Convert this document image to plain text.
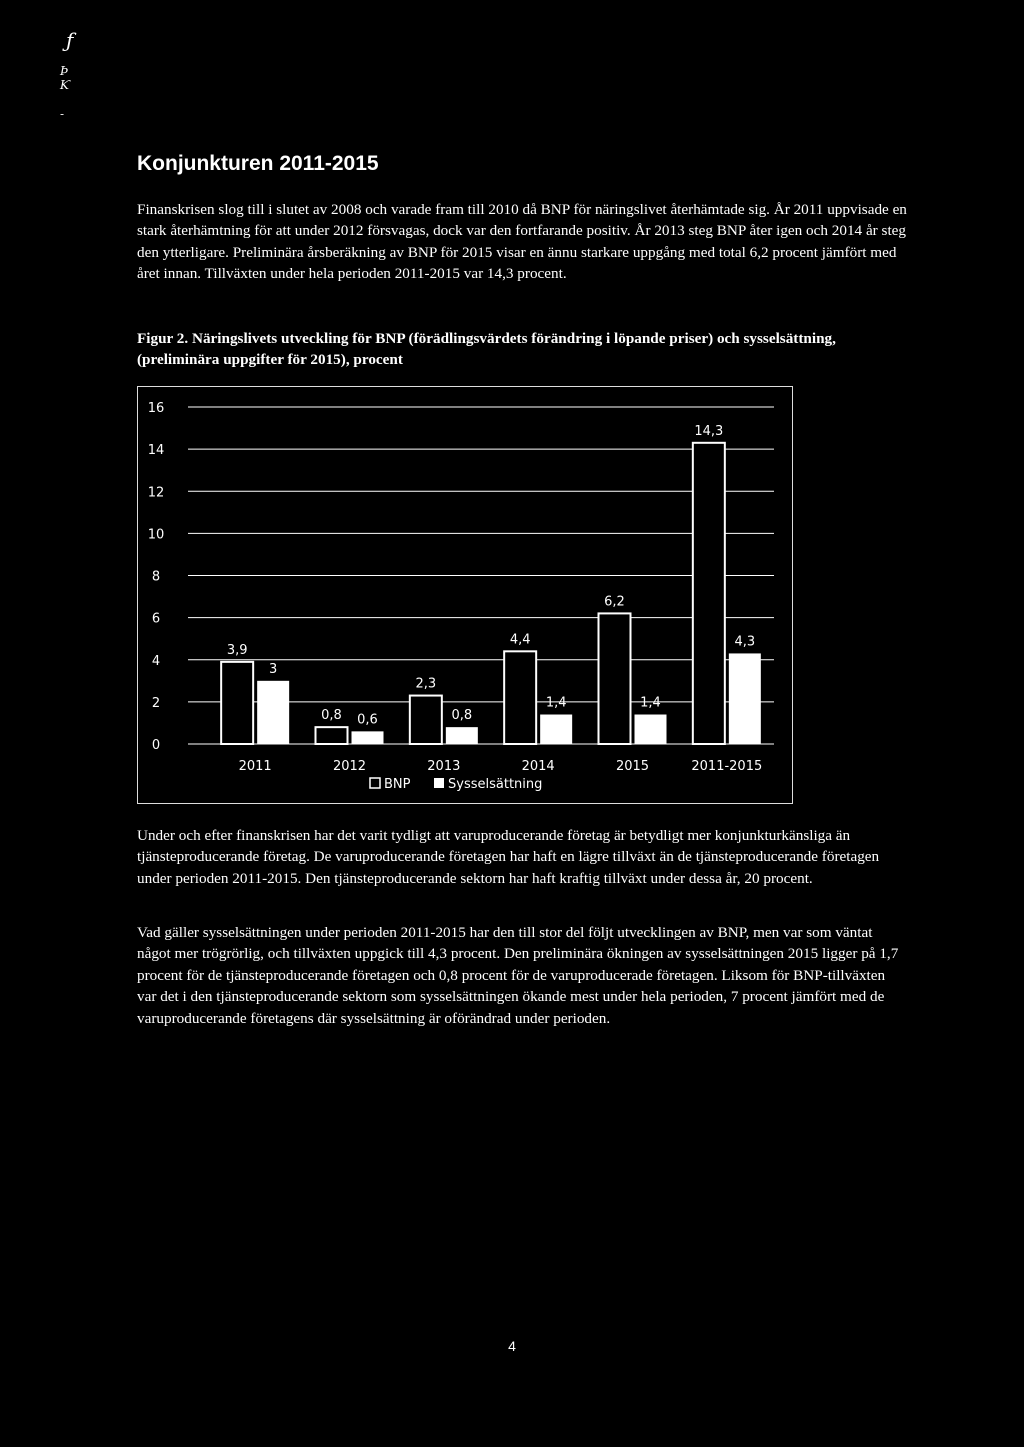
ƒ
Þ
Ƙ
-
Konjunkturen 2011-2015

Finanskrisen slog till i slutet av 2008 och varade fram till 2010 då BNP för näringslivet återhämtade sig. År 2011 uppvisade en stark återhämtning för att under 2012 försvagas, dock var den fortfarande positiv. År 2013 steg BNP åter igen och 2014 år steg den ytterligare. Preliminära årsberäkning av BNP för 2015 visar en ännu starkare uppgång med total 6,2 procent jämfört med året innan. Tillväxten under hela perioden 2011-2015 var 14,3 procent.

Figur 2. Näringslivets utveckling för BNP (förädlingsvärdets förändring i löpande priser) och sysselsättning, (preliminära uppgifter för 2015), procent

0
2
4
6
8
10
12
14
16
3,9
3
2011
0,8 0,6
2012
2,3
0,8
2013
4,4
1,4
2014
6,2
1,4
2015
14,3
4,3
2011-2015
BNP	Sysselsättning

Under och efter finanskrisen har det varit tydligt att varuproducerande företag är betydligt mer konjunkturkänsliga än tjänsteproducerande företag. De varuproducerande företagen har haft en lägre tillväxt än de tjänsteproducerande företagen under perioden 2011-2015. Den tjänsteproducerande sektorn har haft kraftig tillväxt under dessa år, 20 procent.

Vad gäller sysselsättningen under perioden 2011-2015 har den till stor del följt utvecklingen av BNP, men var som väntat något mer trögrörlig, och tillväxten uppgick till 4,3 procent. Den preliminära ökningen av sysselsättningen 2015 ligger på 1,7 procent för de tjänsteproducerande företagen och 0,8 procent för de varuproducerade företagen. Liksom för BNP-tillväxten var det i den tjänsteproducerande sektorn som sysselsättningen ökande mest under hela perioden, 7 procent jämfört med de varuproducerande företagens där sysselsättning är oförändrad under perioden.

4
